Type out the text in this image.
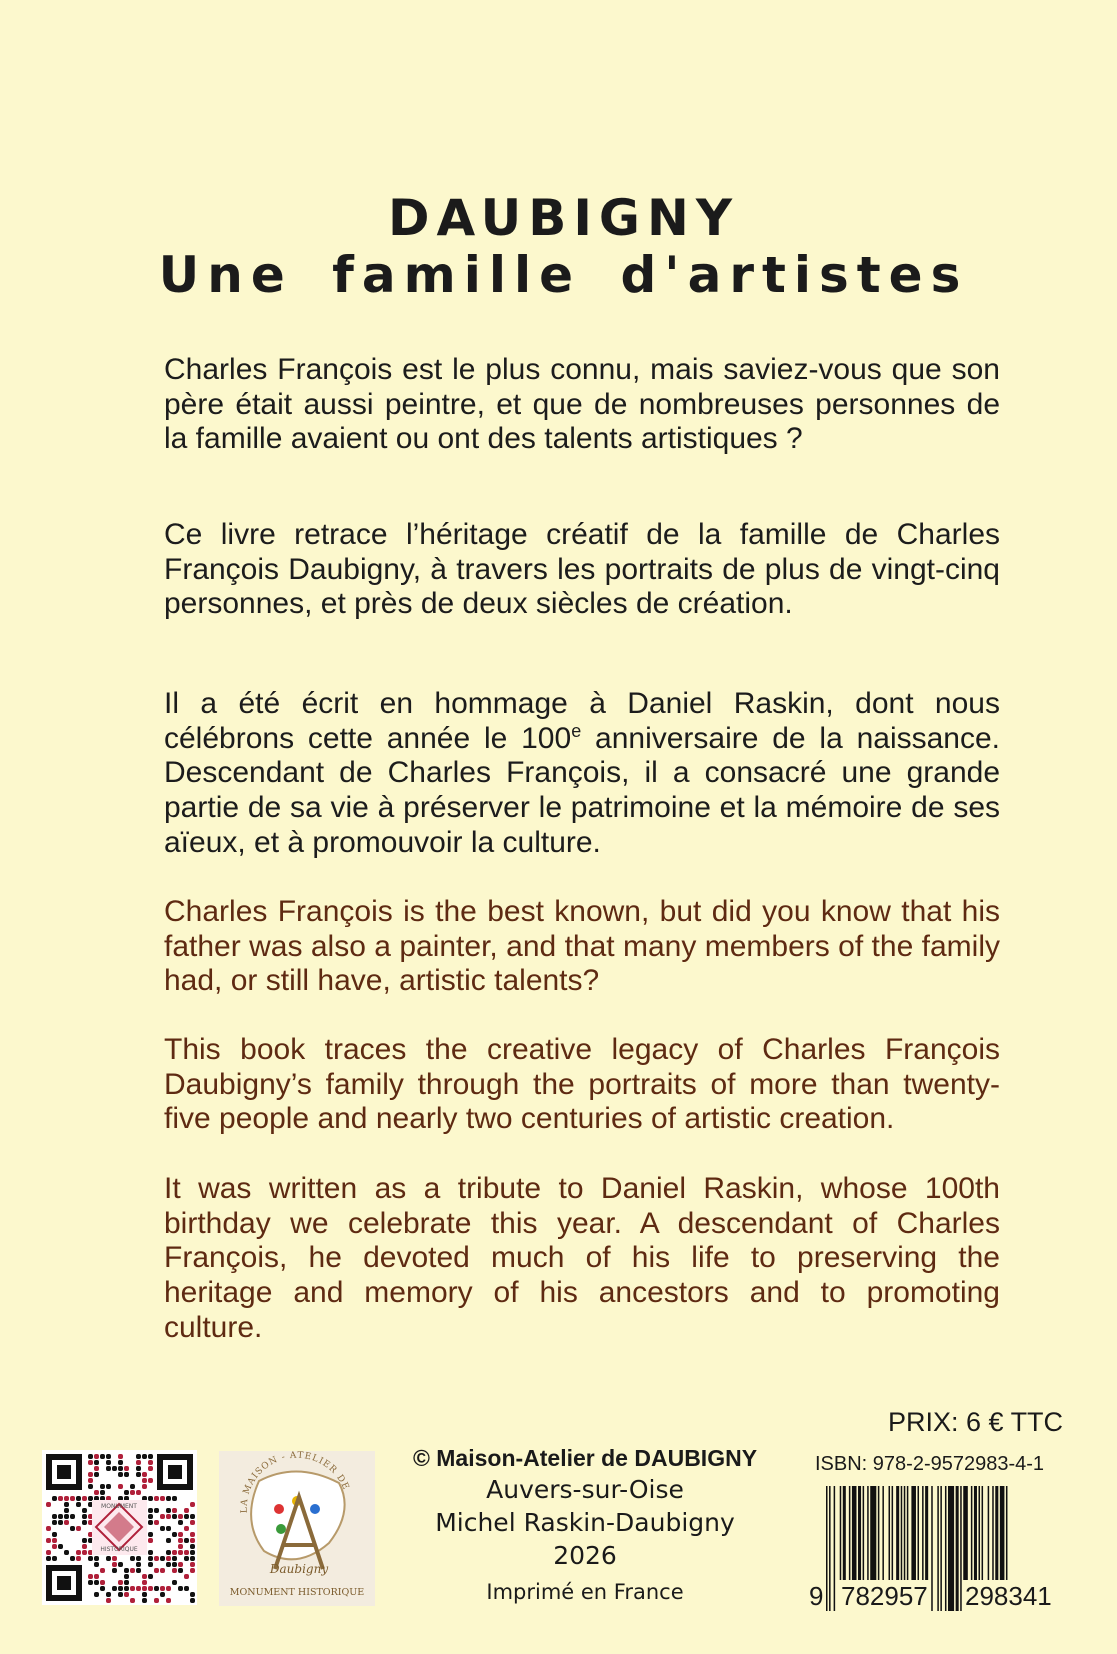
DAUBIGNY
Une famille d'artistes

Charles François est le plus connu, mais saviez-vous que son père était aussi peintre, et que de nombreuses personnes de la famille avaient ou ont des talents artistiques ?

Ce livre retrace l’héritage créatif de la famille de Charles François Daubigny, à travers les portraits de plus de vingt-cinq personnes, et près de deux siècles de création.

Il a été écrit en hommage à Daniel Raskin, dont nous célébrons cette année le 100e anniversaire de la naissance. Descendant de Charles François, il a consacré une grande partie de sa vie à préserver le patrimoine et la mémoire de ses aïeux, et à promouvoir la culture.

Charles François is the best known, but did you know that his father was also a painter, and that many members of the family had, or still have, artistic talents?

This book traces the creative legacy of Charles François Daubigny’s family through the portraits of more than twenty-five people and nearly two centuries of artistic creation.

It was written as a tribute to Daniel Raskin, whose 100th birthday we celebrate this year. A descendant of Charles François, he devoted much of his life to preserving the heritage and memory of his ancestors and to promoting culture.

MONUMENT
HISTORIQUE
LA MAISON - ATELIER DE
Daubigny
MONUMENT HISTORIQUE
© Maison-Atelier de DAUBIGNY
Auvers-sur-Oise
Michel Raskin-Daubigny
2026
Imprimé en France
PRIX: 6 € TTC
ISBN: 978-2-9572983-4-1
9 782957 298341
